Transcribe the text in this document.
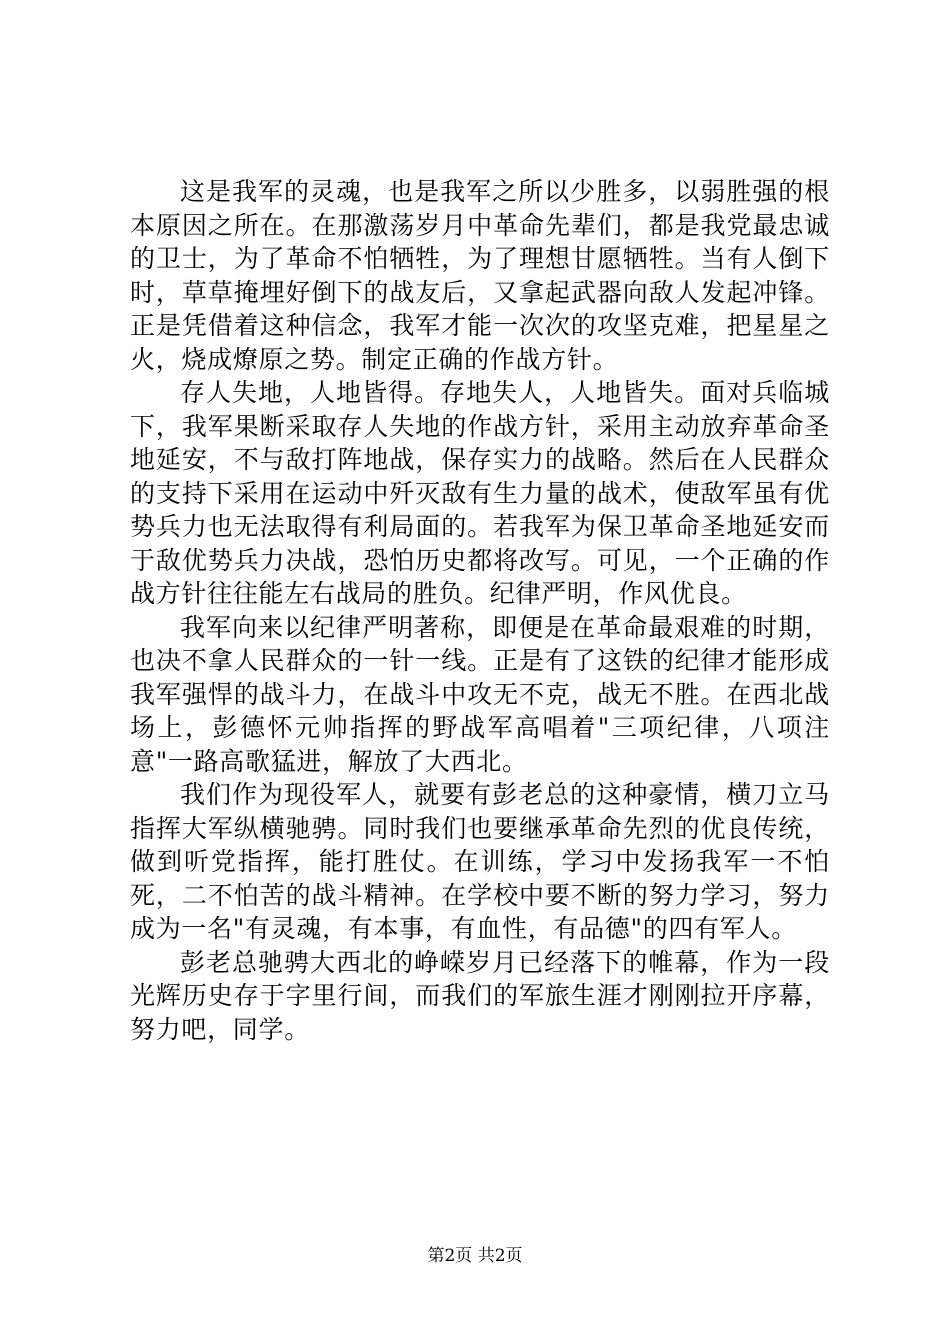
这是我军的灵魂，也是我军之所以少胜多，以弱胜强的根本原因之所在。在那激荡岁月中革命先辈们，都是我党最忠诚的卫士，为了革命不怕牺牲，为了理想甘愿牺牲。当有人倒下时，草草掩埋好倒下的战友后，又拿起武器向敌人发起冲锋。正是凭借着这种信念，我军才能一次次的攻坚克难，把星星之火，烧成燎原之势。制定正确的作战方针。

存人失地，人地皆得。存地失人，人地皆失。面对兵临城下，我军果断采取存人失地的作战方针，采用主动放弃革命圣地延安，不与敌打阵地战，保存实力的战略。然后在人民群众的支持下采用在运动中歼灭敌有生力量的战术，使敌军虽有优势兵力也无法取得有利局面的。若我军为保卫革命圣地延安而于敌优势兵力决战，恐怕历史都将改写。可见，一个正确的作战方针往往能左右战局的胜负。纪律严明，作风优良。

我军向来以纪律严明著称，即便是在革命最艰难的时期，也决不拿人民群众的一针一线。正是有了这铁的纪律才能形成我军强悍的战斗力，在战斗中攻无不克，战无不胜。在西北战场上，彭德怀元帅指挥的野战军高唱着"三项纪律，八项注意"一路高歌猛进，解放了大西北。

我们作为现役军人，就要有彭老总的这种豪情，横刀立马指挥大军纵横驰骋。同时我们也要继承革命先烈的优良传统，做到听党指挥，能打胜仗。在训练，学习中发扬我军一不怕死，二不怕苦的战斗精神。在学校中要不断的努力学习，努力成为一名"有灵魂，有本事，有血性，有品德"的四有军人。

彭老总驰骋大西北的峥嵘岁月已经落下的帷幕，作为一段光辉历史存于字里行间，而我们的军旅生涯才刚刚拉开序幕，努力吧，同学。

第2页 共2页
